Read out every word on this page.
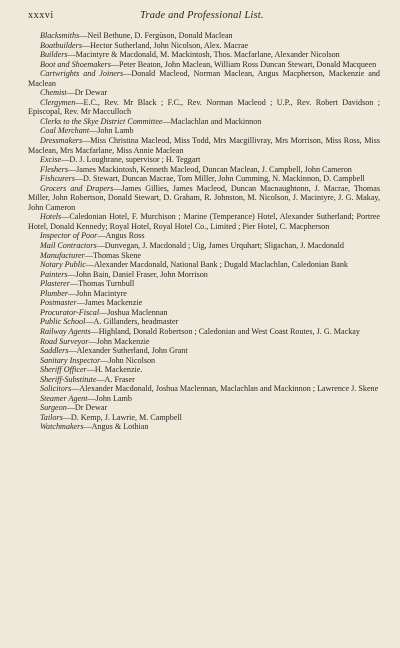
xxxvi	Trade and Professional List.

Blacksmiths—Neil Bethune, D. Fergùson, Donald Maclean

Boatbuilders—Hector Sutherland, John Nicolson, Alex. Macrae

Builders—Macintyre & Macdonald, M. Mackintosh, Thos. Macfarlane, Alexander Nicolson

Boot and Shoemakers—Peter Beaton, John Maclean, William Ross Duncan Stewart, Donald Macqueen

Cartwrights and Joiners—Donald Macleod, Norman Maclean, Angus Macpherson, Mackenzie and Maclean

Chemist—Dr Dewar

Clergymen—E.C., Rev. Mr Black ; F.C., Rev. Norman Macleod ; U.P., Rev. Robert Davidson ; Episcopal, Rev. Mr Macculloch

Clerks to the Skye District Committee—Maclachlan and Mackinnon

Coal Merchant—John Lamb

Dressmakers—Miss Christina Macleod, Miss Todd, Mrs Macgillivray, Mrs Morrison, Miss Ross, Miss Maclean, Mrs Macfarlane, Miss Annie Maclean

Excise—D. J. Loughrane, supervisor ; H. Teggart

Fleshers—James Mackintosh, Kenneth Macleod, Duncan Maclean, J. Campbell, John Cameron

Fishcurers—D. Stewart, Duncan Macrae, Tom Miller, John Cumming, N. Mackinnon, D. Campbell

Grocers and Drapers—James Gillies, James Macleod, Duncan Macnaughtonn, J. Macrae, Thomas Miller, John Robertson, Donald Stewart, D. Graham, R. Johnston, M. Nicolson, J. Macintyre, J. G. Makay, John Cameron

Hotels—Caledonian Hotel, F. Murchison ; Marine (Temperance) Hotel, Alexander Sutherland; Portree Hotel, Donald Kennedy; Royal Hotel, Royal Hotel Co., Limited ; Pier Hotel, C. Macpherson

Inspector of Poor—Angus Ross

Mail Contractors—Dunvegan, J. Macdonald ; Uig, James Urquhart; Sligachan, J. Macdonald

Manufacturer—Thomas Skene

Notary Public—Alexander Macdonald, National Bank ; Dugald Maclachlan, Caledonian Bank

Painters—John Bain, Daniel Fraser, John Morrison

Plasterer—Thomas Turnbull

Plumber—John Macintyre

Postmaster—James Mackenzie

Procurator-Fiscal—Joshua Maclennan

Public School—A. Gillanders, headmaster

Railway Agents—Highland, Donald Robertson ; Caledonian and West Coast Routes, J. G. Mackay

Road Surveyor—John Mackenzie

Saddlers—Alexander Sutherland, John Grant

Sanitary Inspector—John Nicolson

Sheriff Officer—H. Mackenzie.

Sheriff-Substitute—A. Fraser

Solicitors—Alexander Macdonald, Joshua Maclennan, Maclachlan and Mackinnon ; Lawrence J. Skene

Steamer Agent—John Lamb

Surgeon—Dr Dewar

Tailors—D. Kemp, J. Lawrie, M. Campbell

Watchmakers—Angus & Lothian
